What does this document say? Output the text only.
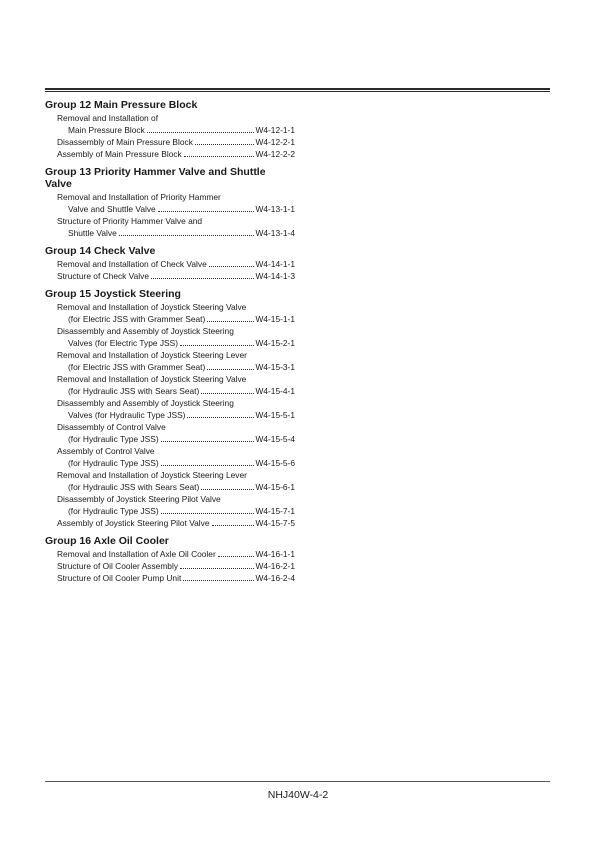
Group 12 Main Pressure Block
Removal and Installation of
Main Pressure Block	W4-12-1-1
Disassembly of Main Pressure Block	W4-12-2-1
Assembly of Main Pressure Block	W4-12-2-2
Group 13 Priority Hammer Valve and Shuttle Valve
Removal and Installation of Priority Hammer
Valve and Shuttle Valve	W4-13-1-1
Structure of Priority Hammer Valve and
Shuttle Valve	W4-13-1-4
Group 14 Check Valve
Removal and Installation of Check Valve	W4-14-1-1
Structure of Check Valve	W4-14-1-3
Group 15 Joystick Steering
Removal and Installation of Joystick Steering Valve
(for Electric JSS with Grammer Seat)	W4-15-1-1
Disassembly and Assembly of Joystick Steering
Valves (for Electric Type JSS)	W4-15-2-1
Removal and Installation of Joystick Steering Lever
(for Electric JSS with Grammer Seat)	W4-15-3-1
Removal and Installation of Joystick Steering Valve
(for Hydraulic JSS with Sears Seat)	W4-15-4-1
Disassembly and Assembly of Joystick Steering
Valves (for Hydraulic Type JSS)	W4-15-5-1
Disassembly of Control Valve
(for Hydraulic Type JSS)	W4-15-5-4
Assembly of Control Valve
(for Hydraulic Type JSS)	W4-15-5-6
Removal and Installation of Joystick Steering Lever
(for Hydraulic JSS with Sears Seat)	W4-15-6-1
Disassembly of Joystick Steering Pilot Valve
(for Hydraulic Type JSS)	W4-15-7-1
Assembly of Joystick Steering Pilot Valve	W4-15-7-5
Group 16 Axle Oil Cooler
Removal and Installation of Axle Oil Cooler	W4-16-1-1
Structure of Oil Cooler Assembly	W4-16-2-1
Structure of Oil Cooler Pump Unit	W4-16-2-4
NHJ40W-4-2
